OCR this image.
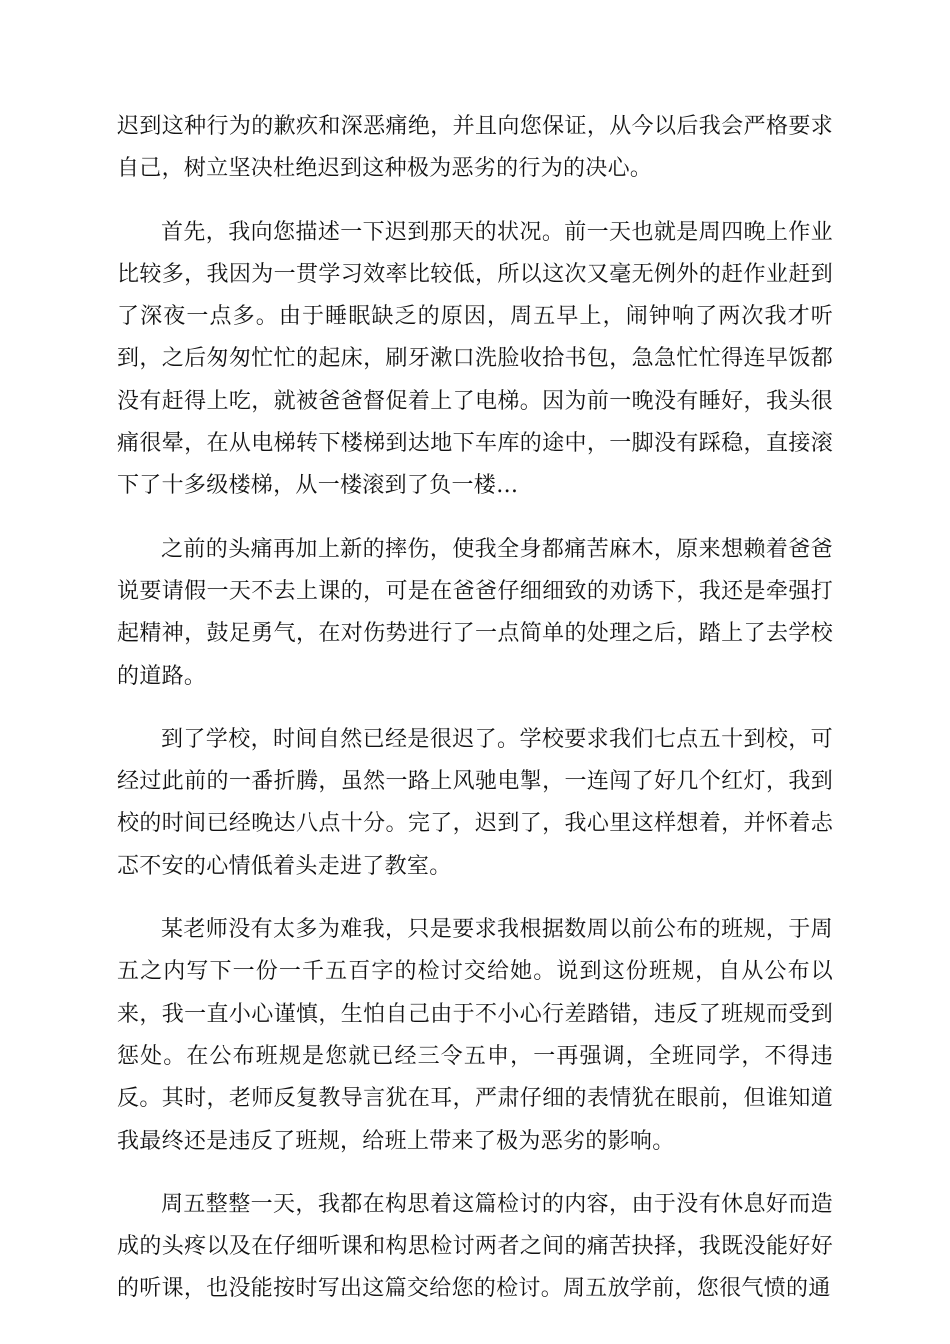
迟到这种行为的歉疚和深恶痛绝，并且向您保证，从今以后我会严格要求自己，树立坚决杜绝迟到这种极为恶劣的行为的决心。

首先，我向您描述一下迟到那天的状况。前一天也就是周四晚上作业比较多，我因为一贯学习效率比较低，所以这次又毫无例外的赶作业赶到了深夜一点多。由于睡眠缺乏的原因，周五早上，闹钟响了两次我才听到，之后匆匆忙忙的起床，刷牙漱口洗脸收拾书包，急急忙忙得连早饭都没有赶得上吃，就被爸爸督促着上了电梯。因为前一晚没有睡好，我头很痛很晕，在从电梯转下楼梯到达地下车库的途中，一脚没有踩稳，直接滚下了十多级楼梯，从一楼滚到了负一楼…

之前的头痛再加上新的摔伤，使我全身都痛苦麻木，原来想赖着爸爸说要请假一天不去上课的，可是在爸爸仔细细致的劝诱下，我还是牵强打起精神，鼓足勇气，在对伤势进行了一点简单的处理之后，踏上了去学校的道路。

到了学校，时间自然已经是很迟了。学校要求我们七点五十到校，可经过此前的一番折腾，虽然一路上风驰电掣，一连闯了好几个红灯，我到校的时间已经晚达八点十分。完了，迟到了，我心里这样想着，并怀着忐忑不安的心情低着头走进了教室。

某老师没有太多为难我，只是要求我根据数周以前公布的班规，于周五之内写下一份一千五百字的检讨交给她。说到这份班规，自从公布以来，我一直小心谨慎，生怕自己由于不小心行差踏错，违反了班规而受到惩处。在公布班规是您就已经三令五申，一再强调，全班同学，不得违反。其时，老师反复教导言犹在耳，严肃仔细的表情犹在眼前，但谁知道我最终还是违反了班规，给班上带来了极为恶劣的影响。

周五整整一天，我都在构思着这篇检讨的内容，由于没有休息好而造成的头疼以及在仔细听课和构思检讨两者之间的痛苦抉择，我既没能好好的听课，也没能按时写出这篇交给您的检讨。周五放学前，您很气愤的通
